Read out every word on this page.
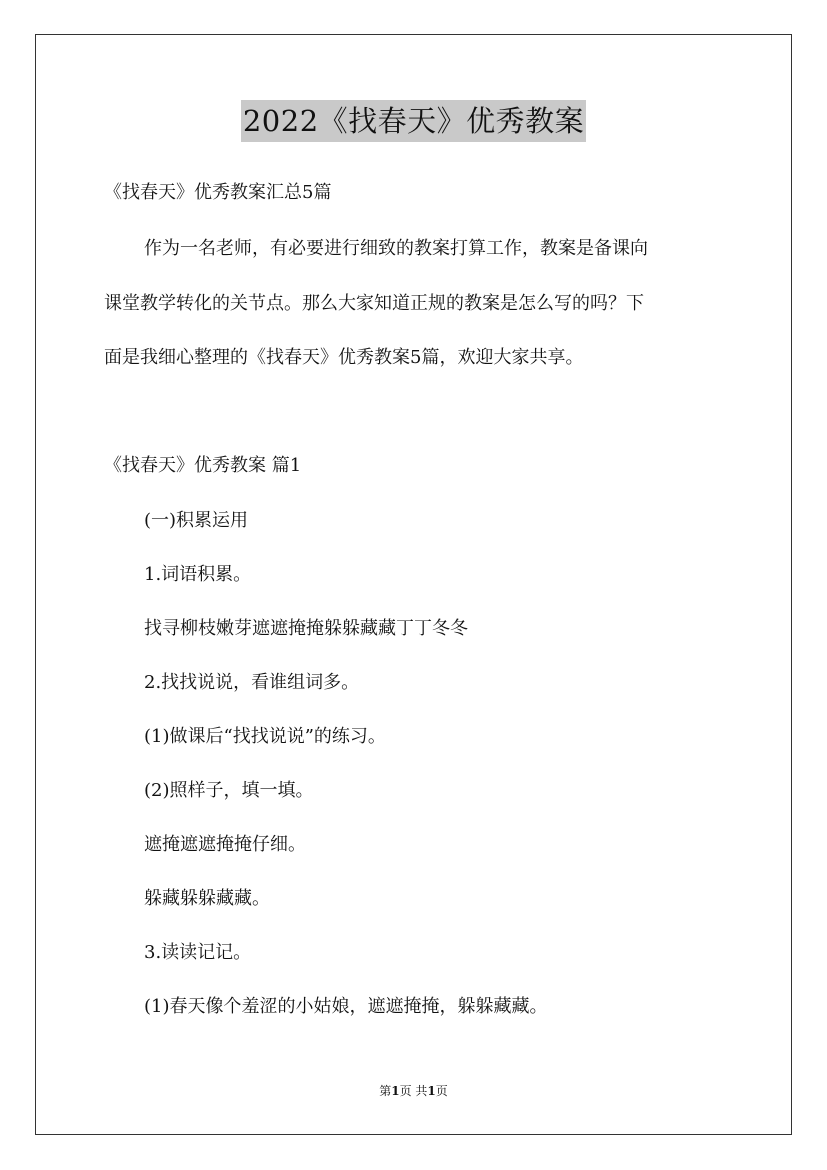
2022《找春天》优秀教案
《找春天》优秀教案汇总5篇
作为一名老师，有必要进行细致的教案打算工作，教案是备课向
课堂教学转化的关节点。那么大家知道正规的教案是怎么写的吗？下
面是我细心整理的《找春天》优秀教案5篇，欢迎大家共享。
《找春天》优秀教案 篇1
(一)积累运用
1.词语积累。
找寻柳枝嫩芽遮遮掩掩躲躲藏藏丁丁冬冬
2.找找说说，看谁组词多。
(1)做课后“找找说说”的练习。
(2)照样子，填一填。
遮掩遮遮掩掩仔细。
躲藏躲躲藏藏。
3.读读记记。
(1)春天像个羞涩的小姑娘，遮遮掩掩，躲躲藏藏。
第1页 共1页
